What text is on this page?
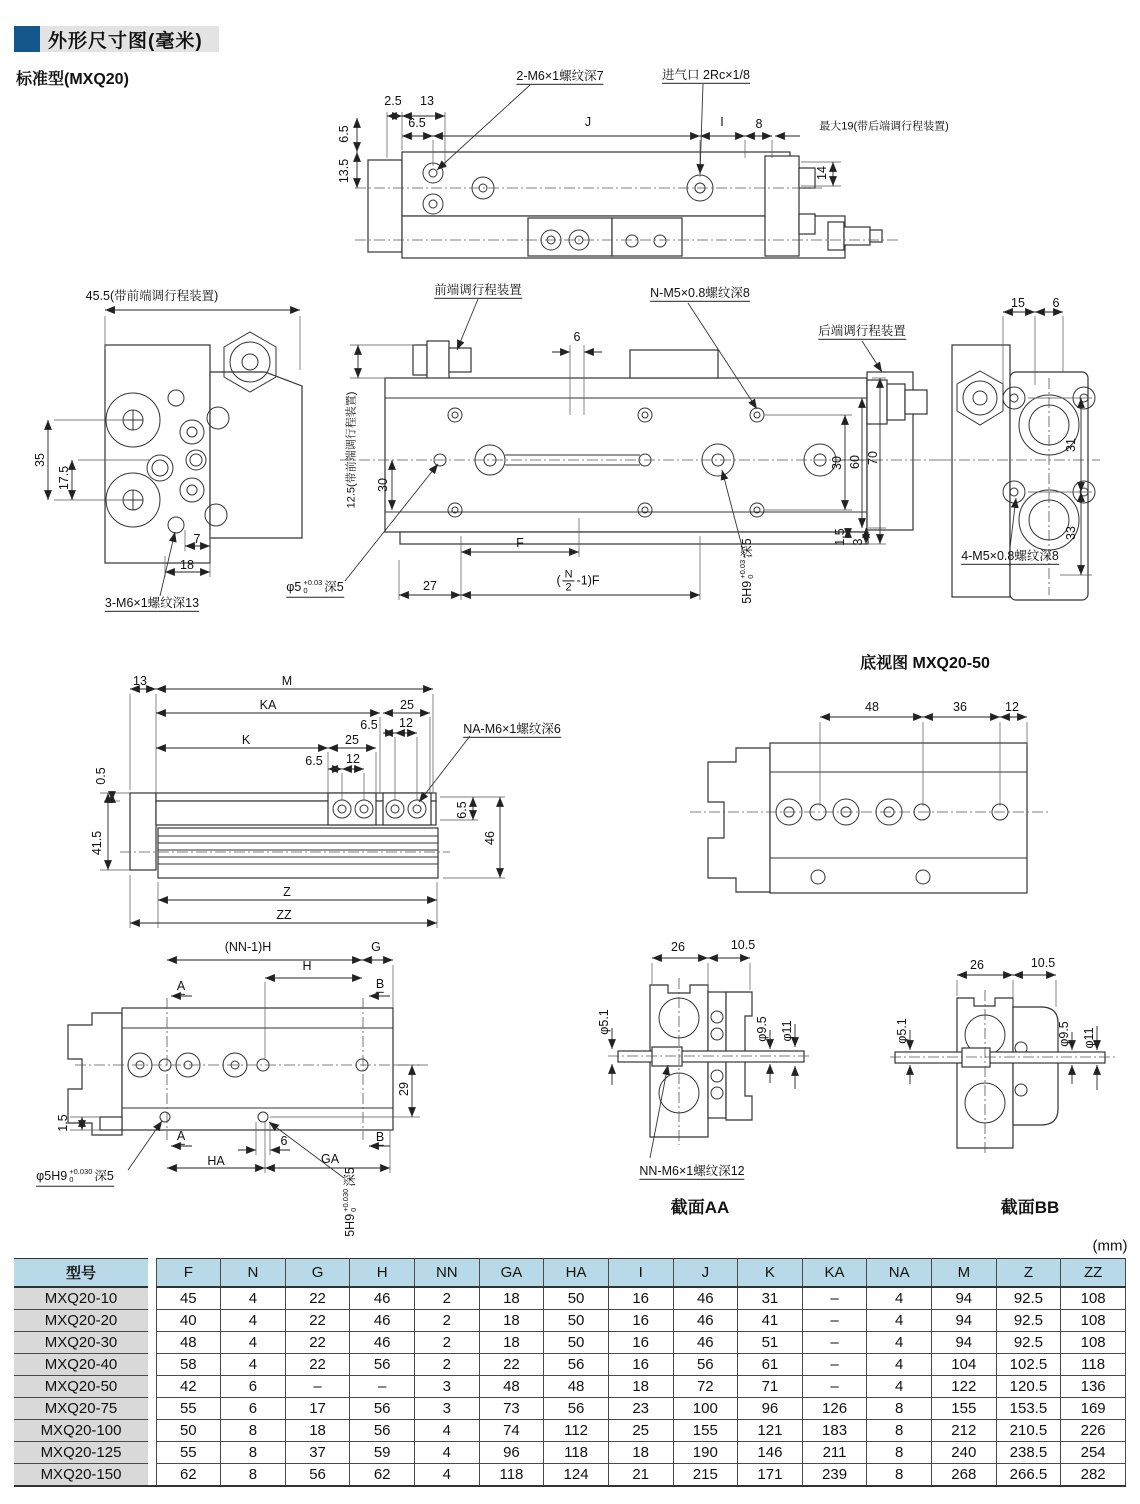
外形尺寸图(毫米)
标准型(MXQ20)	2-M6×1螺纹深7	进气口 2Rc×1/8
2.5 13
6.5	J	I	8	最大19(带后端调行程装置)
6.5
13.5	14
45.5(带前端调行程装置)
35
17.5
7
18
3-M6×1螺纹深13
前端调行程装置	N-M5×0.8螺纹深8
后端调行程装置
6
12.5(带前端调行程装置) 30
30 60 70
1.5 3
F
27	( $\frac{N}{2} -1)F$	5H9
+0.03 0
深5
φ5 +0.03
0	深5
15 6
31
33
4-M5×0.8螺纹深8
底视图 MXQ20-50
48	36	12
13	M
KA	25
6.5 12
K	25
6.5 12
NA-M6×1螺纹深6
0.5
41.5
6.5
46
Z
ZZ
(NN-1)H	G
H
A	B
29
1.5
A	6	B
HA	GA
φ5H9 +0.030
0	深5
5H9
+0.030 0
深5
26	10.5
φ5.1	φ9.5 φ11
NN-M6×1螺纹深12
截面AA
26	10.5
φ5.1	φ9.5 φ11
截面BB
(mm)
型号		F	N	G	H	NN	GA	HA	I	J	K	KA	NA	M	Z	ZZ
MXQ20-10		45	4	22	46	2	18	50	16	46	31	–	4	94	92.5	108
MXQ20-20		40	4	22	46	2	18	50	16	46	41	–	4	94	92.5	108
MXQ20-30		48	4	22	46	2	18	50	16	46	51	–	4	94	92.5	108
MXQ20-40		58	4	22	56	2	22	56	16	56	61	–	4	104	102.5	118
MXQ20-50		42	6	–	–	3	48	48	18	72	71	–	4	122	120.5	136
MXQ20-75		55	6	17	56	3	73	56	23	100	96	126	8	155	153.5	169
MXQ20-100		50	8	18	56	4	74	112	25	155	121	183	8	212	210.5	226
MXQ20-125		55	8	37	59	4	96	118	18	190	146	211	8	240	238.5	254
MXQ20-150		62	8	56	62	4	118	124	21	215	171	239	8	268	266.5	282
